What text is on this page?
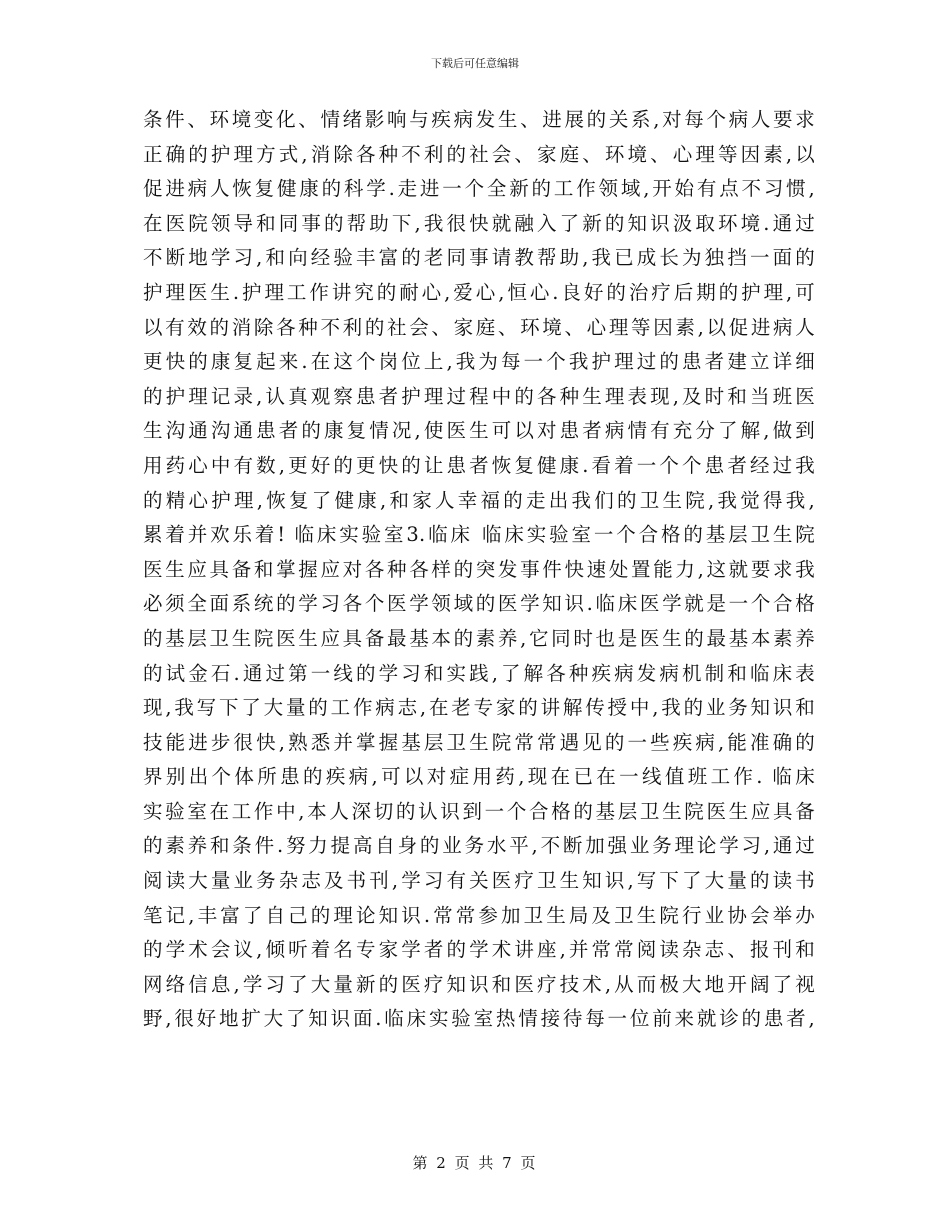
下载后可任意编辑
条件、环境变化、情绪影响与疾病发生、进展的关系,对每个病人要求
正确的护理方式,消除各种不利的社会、家庭、环境、心理等因素,以
促进病人恢复健康的科学.走进一个全新的工作领域,开始有点不习惯,
在医院领导和同事的帮助下,我很快就融入了新的知识汲取环境.通过
不断地学习,和向经验丰富的老同事请教帮助,我已成长为独挡一面的
护理医生.护理工作讲究的耐心,爱心,恒心.良好的治疗后期的护理,可
以有效的消除各种不利的社会、家庭、环境、心理等因素,以促进病人
更快的康复起来.在这个岗位上,我为每一个我护理过的患者建立详细
的护理记录,认真观察患者护理过程中的各种生理表现,及时和当班医
生沟通沟通患者的康复情况,使医生可以对患者病情有充分了解,做到
用药心中有数,更好的更快的让患者恢复健康.看着一个个患者经过我
的精心护理,恢复了健康,和家人幸福的走出我们的卫生院,我觉得我,
累着并欢乐着! 临床实验室3.临床 临床实验室一个合格的基层卫生院
医生应具备和掌握应对各种各样的突发事件快速处置能力,这就要求我
必须全面系统的学习各个医学领域的医学知识.临床医学就是一个合格
的基层卫生院医生应具备最基本的素养,它同时也是医生的最基本素养
的试金石.通过第一线的学习和实践,了解各种疾病发病机制和临床表
现,我写下了大量的工作病志,在老专家的讲解传授中,我的业务知识和
技能进步很快,熟悉并掌握基层卫生院常常遇见的一些疾病,能准确的
界别出个体所患的疾病,可以对症用药,现在已在一线值班工作. 临床
实验室在工作中,本人深切的认识到一个合格的基层卫生院医生应具备
的素养和条件.努力提高自身的业务水平,不断加强业务理论学习,通过
阅读大量业务杂志及书刊,学习有关医疗卫生知识,写下了大量的读书
笔记,丰富了自己的理论知识.常常参加卫生局及卫生院行业协会举办
的学术会议,倾听着名专家学者的学术讲座,并常常阅读杂志、报刊和
网络信息,学习了大量新的医疗知识和医疗技术,从而极大地开阔了视
野,很好地扩大了知识面.临床实验室热情接待每一位前来就诊的患者,
第 2 页 共 7 页
